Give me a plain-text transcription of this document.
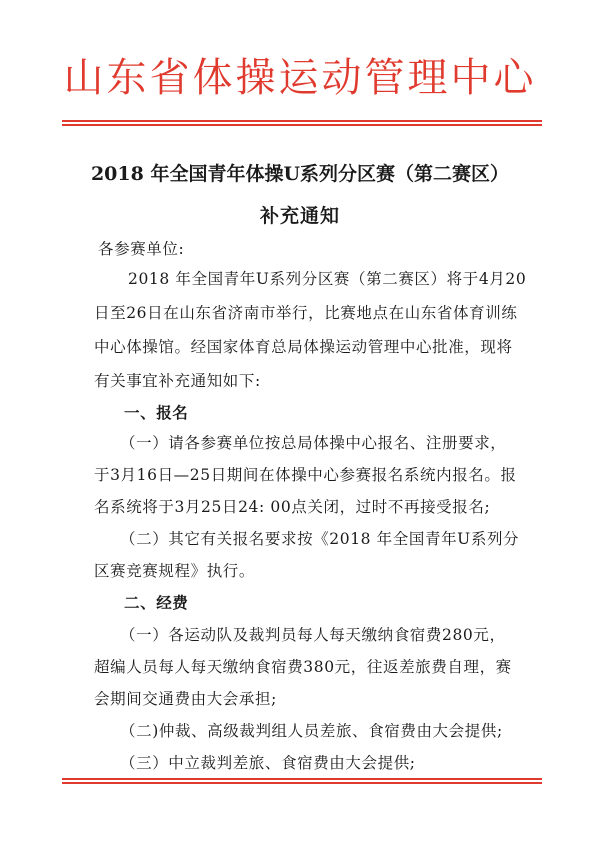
山东省体操运动管理中心
2018 年全国青年体操U系列分区赛（第二赛区）
补充通知
各参赛单位:
2018 年全国青年U系列分区赛（第二赛区）将于4月20
日至26日在山东省济南市举行，比赛地点在山东省体育训练
中心体操馆。经国家体育总局体操运动管理中心批准，现将
有关事宜补充通知如下:
一、报名
（一）请各参赛单位按总局体操中心报名、注册要求，
于3月16日—25日期间在体操中心参赛报名系统内报名。报
名系统将于3月25日24: 00点关闭，过时不再接受报名;
（二）其它有关报名要求按《2018 年全国青年U系列分
区赛竞赛规程》执行。
二、经费
（一）各运动队及裁判员每人每天缴纳食宿费280元，
超编人员每人每天缴纳食宿费380元，往返差旅费自理，赛
会期间交通费由大会承担;
（二)仲裁、高级裁判组人员差旅、食宿费由大会提供;
（三）中立裁判差旅、食宿费由大会提供;
